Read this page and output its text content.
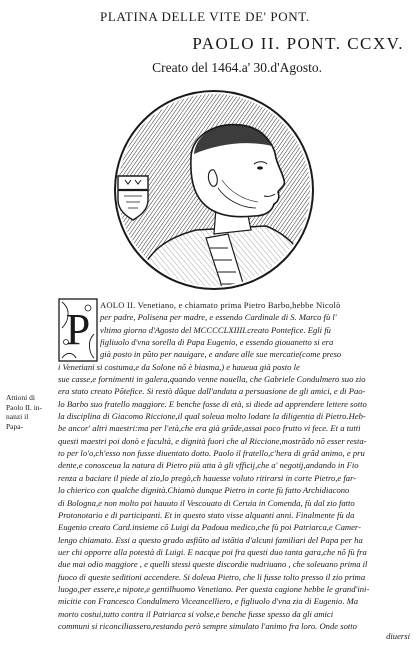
PLATINA DELLE VITE DE' PONT.
PAOLO II. PONT. CCXV.
Creato del 1464.a' 30.d'Agosto.
P	AOLO II. Venetiano, e chiamato prima Pietro Barbo,hebbe Nicolò
per padre, Polisena per madre, e essendo Cardinale di S. Marco fù l'
vltimo giorno d'Agosto del MCCCCLXIIII.creato Pontefice. Egli fù
figliuolo d'vna sorella di Papa Eugenio, e essendo giouanetto si era
già posto in pũto per nauigare, e andare alle sue mercatie(come preso
i Venetiani si costuma,e da Solone nõ è biasma,) e haueua già posto le
sue casse,e fornimenti in galera,quando venne nouella, che Gabriele Condulmero suo zio
era stato creato Põtefice. Si restò dũque dall'andata a persuasione de gli amici, e di Pao-
lo Barbo suo fratello maggiore. E benche fosse di età, si diede ad apprendere lettere sotto
la disciplina di Giacomo Riccione,il qual soleua molto lodare la diligentia di Pietro.Heb-
be ancor' altri maestri:ma per l'età,che era già grãde,assai poco frutto vi fece. Et a tutti
questi maestri poi donò e facultà, e dignità fuori che al Riccione,mostrãdo nõ esser resta-
to per lo'o,ch'esso non fusse diuentato dotto. Paolo il fratello,c'hera di grãd animo, e pru
dente,e conosceua la natura di Pietro più atta à gli vfficij,che a' negotij,andando in Fio
renza a baciare il piede al zio,lo pregò,ch hauesse voluto ritirarsi in corte Pietro,e far-
lo chierico con qualche dignità.Chiamò dunque Pietro in corte fù fatto Archidiacono
di Bologna,e non molto poi hauuto il Vescouato di Ceruia in Comenda, fù dal zio fatto
Protonotario e di participanti. Et in questo stato visse alquanti anni. Finalmente fù da
Eugenio creato Card.insieme cõ Luigi da Padoua medico,che fù poi Patriarca,e Camer-
lengo chiamato. Essi a questo grado asfiũto ad istãtia d'alcuni familiari del Papa per ha
uer chi opporre alla potestà di Luigi. E nacque poi fra questi duo tanta gara,che nõ fù fra
due mai odio maggiore , e quelli stessi queste discordie nudriuano , che soleuano prima il
fuoco di queste seditioni accendere. Si doleua Pietro, che li fusse tolto presso il zio prima
luogo,per essere,e nipote,e gentilhuomo Venetiano. Per questa cagione hebbe le grand'ini-
micitie con Francesco Condulmero Viceancelliero, e figliuolo d'vna zia di Eugenio. Ma
morto costui,tutto contra il Patriarca si volse,e benche fusse spesso da gli amici
communi si riconciliassero,restando però sempre simulato l'animo fra loro. Onde sotto
Attioni di
Paolo II. in-
nanzi il
Papa-
diuersi
